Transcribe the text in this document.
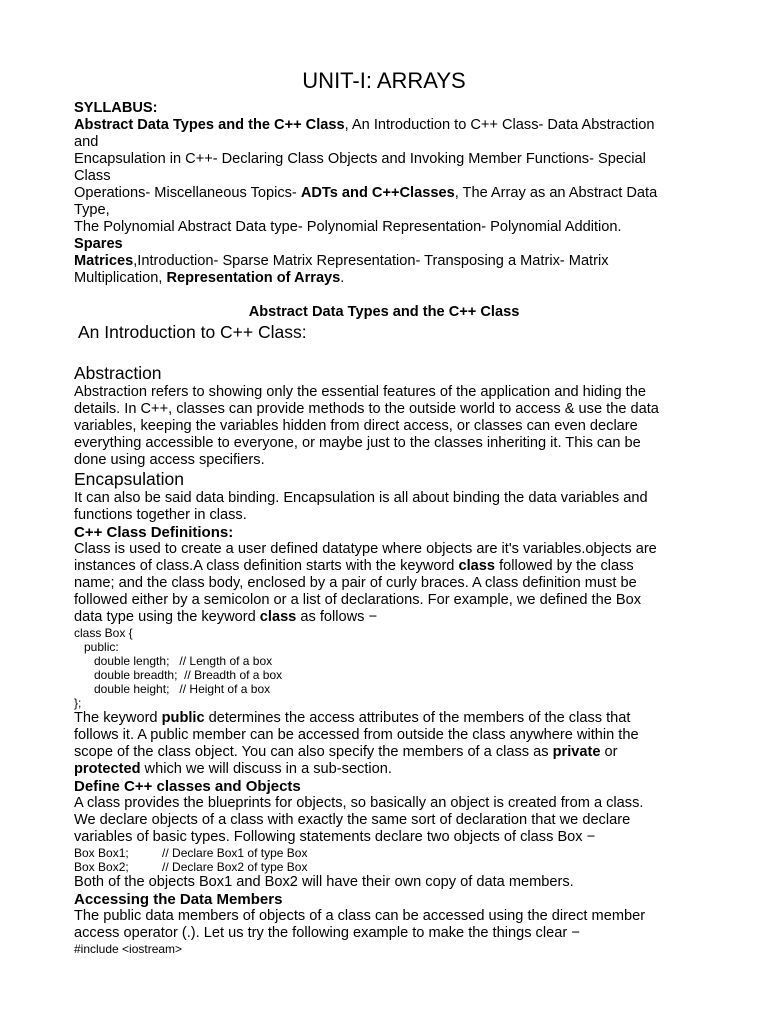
UNIT-I: ARRAYS

SYLLABUS:

Abstract Data Types and the C++ Class, An Introduction to C++ Class- Data Abstraction

and

Encapsulation in C++- Declaring Class Objects and Invoking Member Functions- Special

Class

Operations- Miscellaneous Topics- ADTs and C++Classes, The Array as an Abstract Data

Type,

The Polynomial Abstract Data type- Polynomial Representation- Polynomial Addition.

Spares

Matrices,Introduction- Sparse Matrix Representation- Transposing a Matrix- Matrix

Multiplication, Representation of Arrays.

Abstract Data Types and the C++ Class

An Introduction to C++ Class:

Abstraction

Abstraction refers to showing only the essential features of the application and hiding the

details. In C++, classes can provide methods to the outside world to access & use the data

variables, keeping the variables hidden from direct access, or classes can even declare

everything accessible to everyone, or maybe just to the classes inheriting it. This can be

done using access specifiers.

Encapsulation

It can also be said data binding. Encapsulation is all about binding the data variables and

functions together in class.

C++ Class Definitions:

Class is used to create a user defined datatype where objects are it's variables.objects are

instances of class.A class definition starts with the keyword class followed by the class

name; and the class body, enclosed by a pair of curly braces. A class definition must be

followed either by a semicolon or a list of declarations. For example, we defined the Box

data type using the keyword class as follows −

class Box {

public:

double length;   // Length of a box

double breadth;  // Breadth of a box

double height;   // Height of a box

};

The keyword public determines the access attributes of the members of the class that

follows it. A public member can be accessed from outside the class anywhere within the

scope of the class object. You can also specify the members of a class as private or

protected which we will discuss in a sub-section.

Define C++ classes and Objects

A class provides the blueprints for objects, so basically an object is created from a class.

We declare objects of a class with exactly the same sort of declaration that we declare

variables of basic types. Following statements declare two objects of class Box −

Box Box1;          // Declare Box1 of type Box

Box Box2;          // Declare Box2 of type Box

Both of the objects Box1 and Box2 will have their own copy of data members.

Accessing the Data Members

The public data members of objects of a class can be accessed using the direct member

access operator (.). Let us try the following example to make the things clear −

#include <iostream>
